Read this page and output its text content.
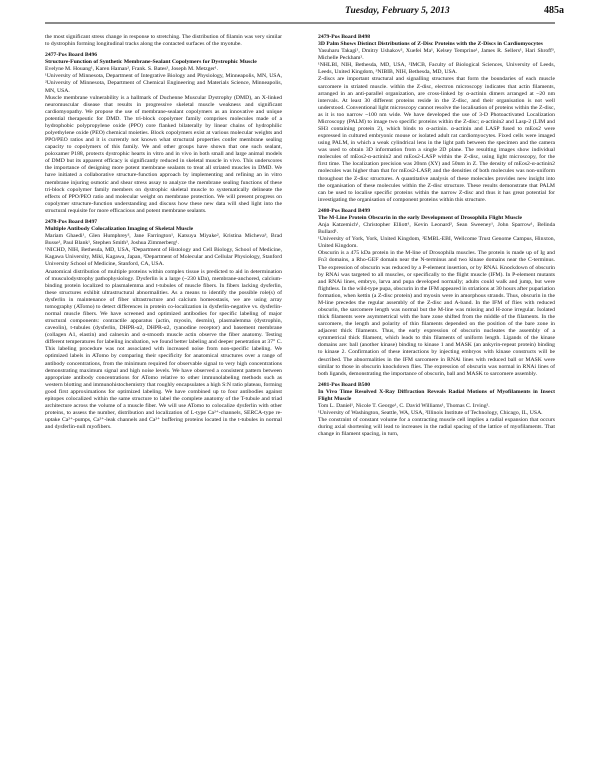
Tuesday, February 5, 2013	485a
the most significant stress change in response to stretching. The distribution of filamin was very similar to dystrophin forming longitudinal tracks along the contacted surfaces of the myotube.
2477-Pos Board B496
Structure-Function of Synthetic Membrane-Sealant Copolymers for Dystrophic Muscle
Evelyne M. Houang¹, Karen Haman², Frank. S. Bates², Joseph M. Metzger¹.
¹University of Minnesota, Department of Integrative Biology and Physiology, Minneapolis, MN, USA, ²University of Minnesota, Department of Chemical Engineering and Materials Science, Minneapolis, MN, USA.
Muscle membrane vulnerability is a hallmark of Duchenne Muscular Dystrophy (DMD), an X-linked neuromuscular disease that results in progressive skeletal muscle weakness and significant cardiomyopathy. We propose the use of membrane-sealant copolymers as an innovative and unique potential therapeutic for DMD. The tri-block copolymer family comprises molecules made of a hydrophobic polypropylene oxide (PPO) core flanked bilaterally by linear chains of hydrophilic polyethylene oxide (PEO) chemical moieties. Block copolymers exist at various molecular weights and PPO/PEO ratios and it is currently not known what structural properties confer membrane sealing capacity to copolymers of this family. We and other groups have shown that one such sealant, poloxamer P188, protects dystrophic hearts in vitro and in vivo in both small and large animal models of DMD but its apparent efficacy is significantly reduced in skeletal muscle in vivo. This underscores the importance of designing more potent membrane sealants to treat all striated muscles in DMD. We have initiated a collaborative structure-function approach by implementing and refining an in vitro membrane injuring osmotic and shear stress assay to analyze the membrane sealing functions of these tri-block copolymer family members on dystrophic skeletal muscle to systematically delineate the effects of PPO/PEO ratio and molecular weight on membrane protection. We will present progress on copolymer structure-function understanding and discuss how these new data will shed light into the structural requisite for more efficacious and potent membrane sealants.
2478-Pos Board B497
Multiple Antibody Colocalization Imaging of Skeletal Muscle
Mariam Ghaedi¹, Glen Humphrey², Jane Farrington¹, Katsuya Miyake², Kristina Micheva³, Brad Busse¹, Paul Blank¹, Stephen Smith³, Joshua Zimmerberg¹.
¹NICHD, NIH, Bethesda, MD, USA, ²Department of Histology and Cell Biology, School of Medicine, Kagawa University, Miki, Kagawa, Japan, ³Department of Molecular and Cellular Physiology, Stanford University School of Medicine, Stanford, CA, USA.
Anatomical distribution of multiple proteins within complex tissue is predicted to aid in determination of musculodystrophy pathophysiology. Dysferlin is a large (~230 kDa), membrane-anchored, calcium-binding protein localized to plasmalemma and t-tubules of muscle fibers. In fibers lacking dysferlin, these structures exhibit ultrastructural abnormalities. As a means to identify the possible role(s) of dysferlin in maintenance of fiber ultrastructure and calcium homeostasis, we are using array tomography (ATomo) to detect differences in protein co-localization in dysferlin-negative vs. dysferlin-normal muscle fibers. We have screened and optimized antibodies for specific labeling of major structural components: contractile apparatus (actin, myosin, desmin), plasmalemma (dystrophin, caveolin), t-tubules (dysferlin, DHPR-α2, DHPR-α2, ryanodine receptor) and basement membrane (collagen A1, elastin) and calnexin and α-smooth muscle actin observe the fiber anatomy. Testing different temperatures for labeling incubation, we found better labeling and deeper penetration at 37° C. This labeling procedure was not associated with increased noise from non-specific labeling. We optimized labels in ATomo by comparing their specificity for anatomical structures over a range of antibody concentrations, from the minimum required for observable signal to very high concentrations demonstrating maximum signal and high noise levels. We have observed a consistent pattern between appropriate antibody concentrations for ATomo relative to other immunolabeling methods such as western blotting and immunohistochemistry that roughly encapsulates a high S:N ratio plateau, forming good first approximations for optimized labeling. We have combined up to four antibodies against epitopes colocalized within the same structure to label the complete anatomy of the T-tubule and triad architecture across the volume of a muscle fiber. We will use ATomo to colocalize dysferlin with other proteins, to assess the number, distribution and localization of L-type Ca²⁺-channels, SERCA-type re-uptake Ca²⁺-pumps, Ca²⁺-leak channels and Ca²⁺ buffering proteins located in the t-tubules in normal and dysferlin-null myofibers.
2479-Pos Board B498
3D Palm Shows Distinct Distributions of Z-Disc Proteins with the Z-Discs in Cardiomyocytes
Yasuharu Takagi¹, Dmitry Ushakov², Xuefei Ma¹, Kelsey Temprine¹, James R. Sellers¹, Hari Shroff³, Michelle Peckham².
¹NHLBI, NIH, Bethesda, MD, USA, ²IMCB, Faculty of Biological Sciences, University of Leeds, Leeds, United Kingdom, ³NIBIB, NIH, Bethesda, MD, USA.
Z-discs are important structural and signalling structures that form the boundaries of each muscle sarcomere in striated muscle. within the Z-disc, electron microscopy indicates that actin filaments, arranged in an anti-parallel organization, are cross-linked by α-actinin dimers arranged at ~20 nm intervals. At least 30 different proteins reside in the Z-disc, and their organisation is not well understood. Conventional light microscopy cannot resolve the localisation of proteins within the Z-disc, as it is too narrow ~100 nm wide. We have developed the use of 3-D Photoactivated Localization Microscopy (PALM) to image two specific proteins within the Z-disc; α-actinin2 and Lasp-2 (LIM and SH3 containing protein 2), which binds to α-actinin. α-actinin and LASP fused to mEos2 were expressed in cultured embryonic mouse or isolated adult rat cardiomyocytes. Fixed cells were imaged using PALM, in which a weak cylindrical lens in the light path between the specimen and the camera was used to obtain 3D information from a single 2D plane. The resulting images show individual molecules of mEos2-α-actinin2 and mEos2-LASP within the Z-disc, using light microscopy, for the first time. The localization precision was 20nm (XY) and 50nm in Z. The density of mEos2-α-actinin2 molecules was higher than that for mEos2-LASP, and the densities of both molecules was non-uniform throughout the Z-disc structures. A quantitative analysis of these molecules provides new insight into the organisation of these molecules within the Z-disc structure. These results demonstrate that PALM can be used to localise specific proteins within the narrow Z-disc and thus it has great potential for investigating the organisation of component proteins within this structure.
2480-Pos Board B499
The M-Line Protein Obscurin in the early Development of Drosophila Flight Muscle
Anja Katzemich¹, Christopher Elliott¹, Kevin Leonard², Sean Sweeney¹, John Sparrow¹, Belinda Bullard¹.
¹University of York, York, United Kingdom, ²EMBL-EBI, Wellcome Trust Genome Campus, Hinxton, United Kingdom.
Obscurin is a 475 kDa protein in the M-line of Drosophila muscles. The protein is made up of Ig and Fn3 domains, a Rho-GEF domain near the N-terminus and two kinase domains near the C-terminus. The expression of obscurin was reduced by a P-element insertion, or by RNAi. Knockdown of obscurin by RNAi was targeted to all muscles, or specifically to the flight muscle (IFM). In P-element mutants and RNAi lines, embryo, larva and pupa developed normally; adults could walk and jump, but were flightless. In the wild-type pupa, obscurin in the IFM appeared in striations at 30 hours after pupariation formation, when kettin (a Z-disc protein) and myosin were in amorphous strands. Thus, obscurin in the M-line precedes the regular assembly of the Z-disc and A-band. In the IFM of flies with reduced obscurin, the sarcomere length was normal but the M-line was missing and H-zone irregular. Isolated thick filaments were asymmetrical with the bare zone shifted from the middle of the filaments. In the sarcomere, the length and polarity of thin filaments depended on the position of the bare zone in adjacent thick filaments. Thus, the early expression of obscurin nucleates the assembly of a symmetrical thick filament, which leads to thin filaments of uniform length. Ligands of the kinase domains are: ball (another kinase) binding to kinase 1 and MASK (an ankyrin-repeat protein) binding to kinase 2. Confirmation of these interactions by injecting embryos with kinase constructs will be described. The abnormalities in the IFM sarcomere in RNAi lines with reduced ball or MASK were similar to those in obscurin knockdown flies. The expression of obscurin was normal in RNAi lines of both ligands, demonstrating the importance of obscurin, ball and MASK to sarcomere assembly.
2481-Pos Board B500
In Vivo Time Resolved X-Ray Diffraction Reveals Radial Motions of Myofilaments in Insect Flight Muscle
Tom L. Daniel¹, Nicole T. George¹, C. David Williams¹, Thomas C. Irving².
¹University of Washington, Seattle, WA, USA, ²Illinois Institute of Technology, Chicago, IL, USA.
The constraint of constant volume for a contracting muscle cell implies a radial expansion that occurs during axial shortening will lead to increases in the radial spacing of the lattice of myofilaments. That change in filament spacing, in turn,
